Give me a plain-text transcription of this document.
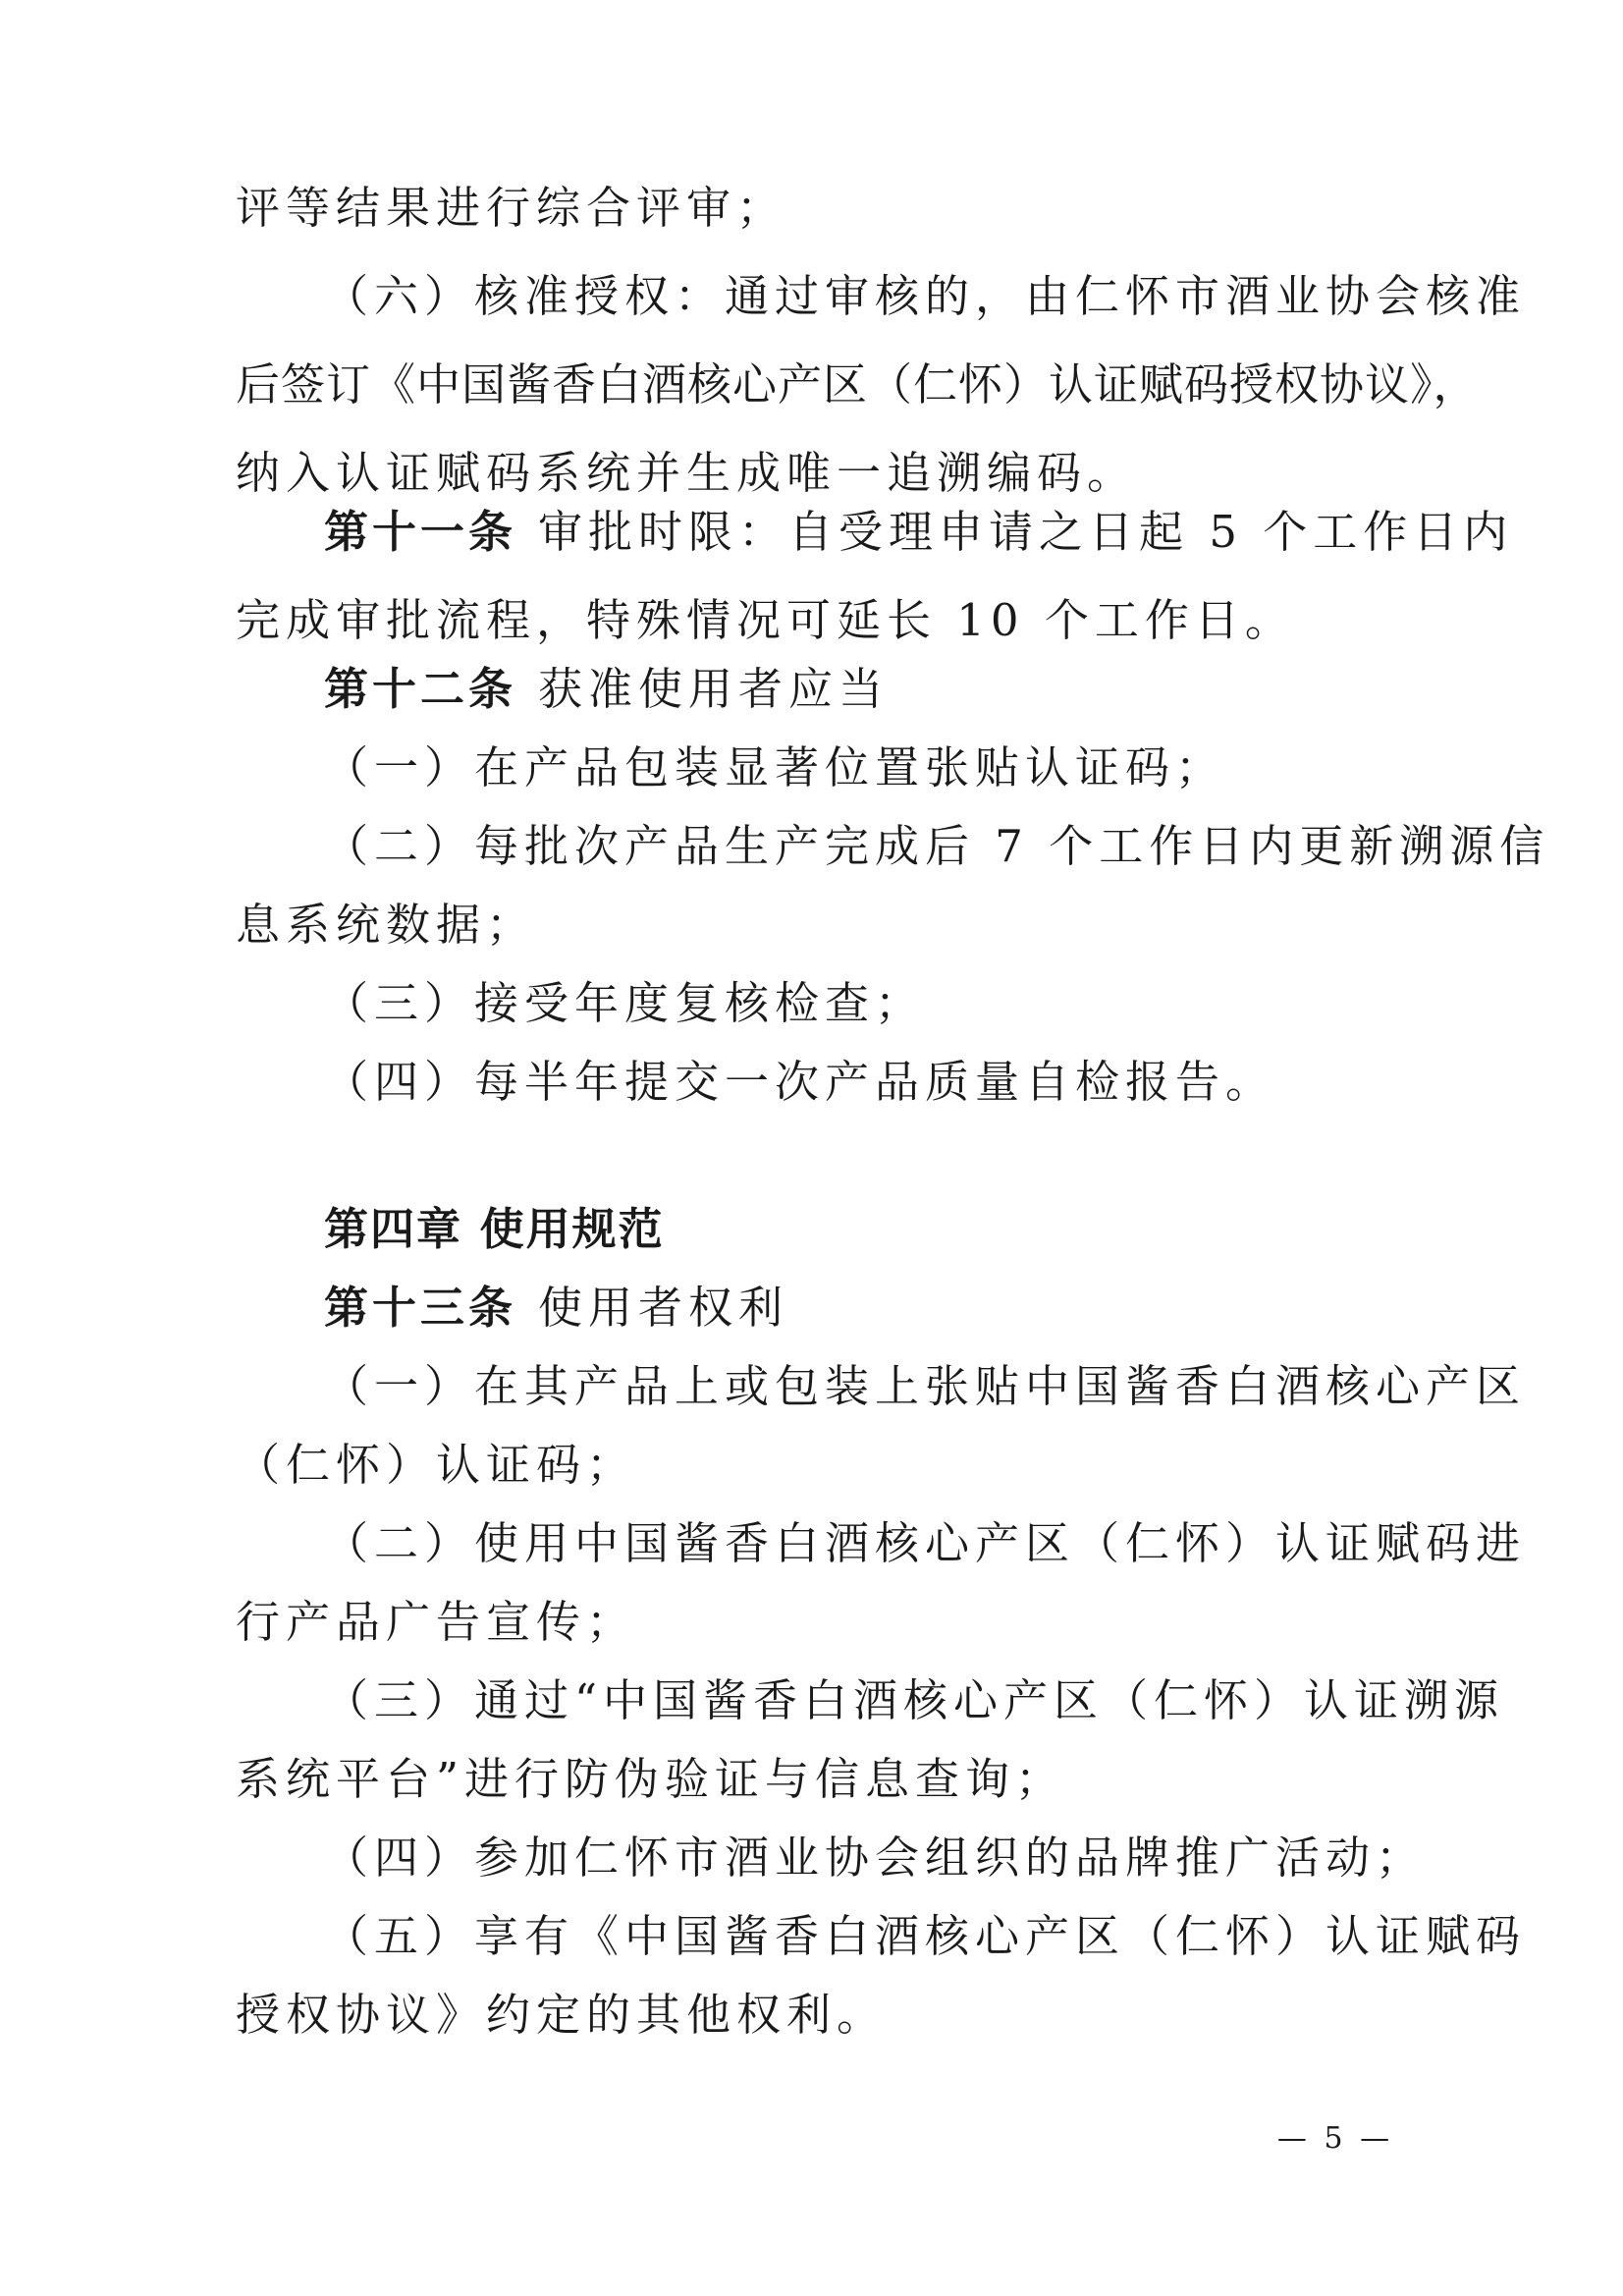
评等结果进行综合评审；
（六）核准授权：通过审核的，由仁怀市酒业协会核准
后签订《中国酱香白酒核心产区（仁怀）认证赋码授权协议》，
纳入认证赋码系统并生成唯一追溯编码。
第十一条 审批时限：自受理申请之日起 5 个工作日内
完成审批流程，特殊情况可延长 10 个工作日。
第十二条 获准使用者应当
（一）在产品包装显著位置张贴认证码；
（二）每批次产品生产完成后 7 个工作日内更新溯源信
息系统数据；
（三）接受年度复核检查；
（四）每半年提交一次产品质量自检报告。
第四章 使用规范
第十三条 使用者权利
（一）在其产品上或包装上张贴中国酱香白酒核心产区
（仁怀）认证码；
（二）使用中国酱香白酒核心产区（仁怀）认证赋码进
行产品广告宣传；
（三）通过“中国酱香白酒核心产区（仁怀）认证溯源
系统平台”进行防伪验证与信息查询；
（四）参加仁怀市酒业协会组织的品牌推广活动；
（五）享有《中国酱香白酒核心产区（仁怀）认证赋码
授权协议》约定的其他权利。
— 5 —
